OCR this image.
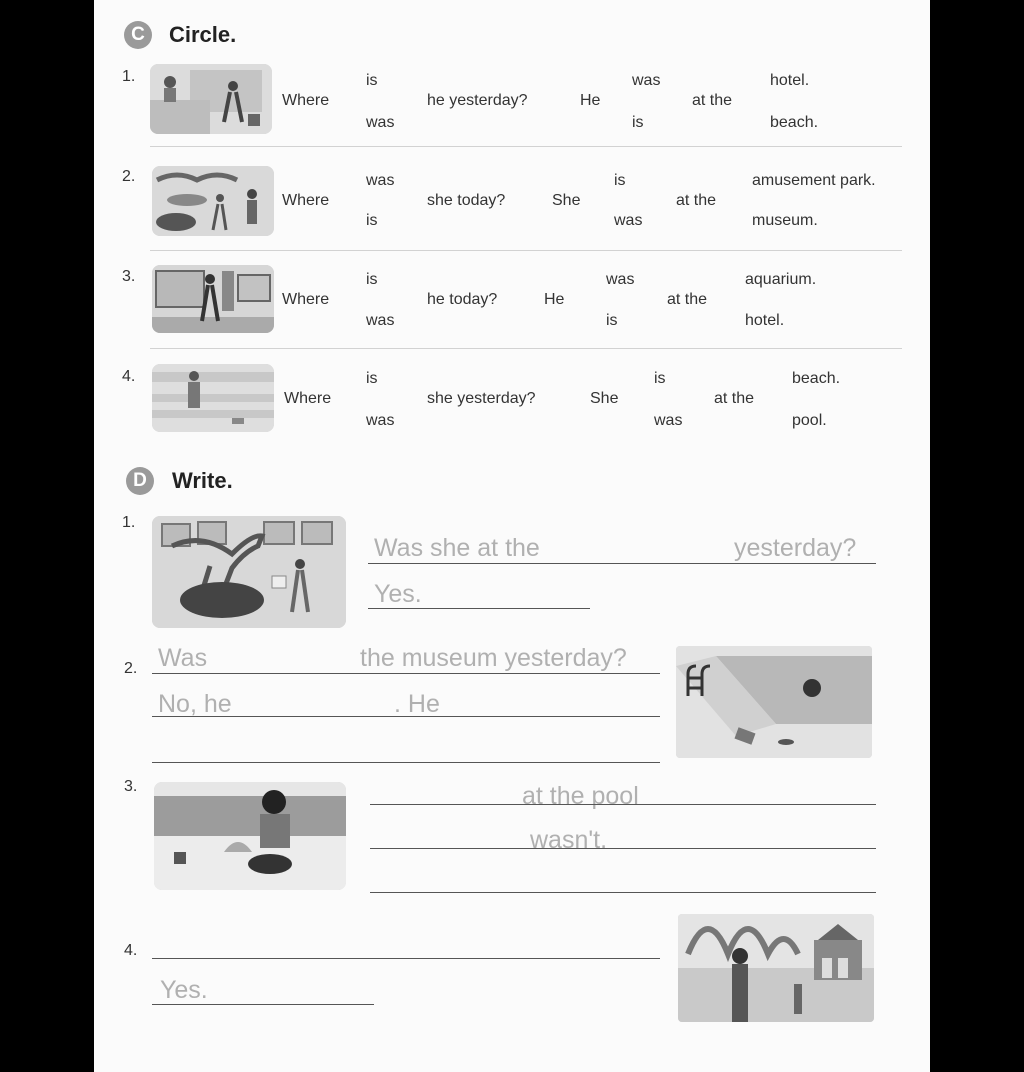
C	Circle.
1.
Where
is
was
he yesterday?	He
was
is
at the
hotel.
beach.
2.
Where
was
is
she today?	She
is
was
at the
amusement park.
museum.
3.
Where
is
was
he today?	He
was
is
at the
aquarium.
hotel.
4.
Where
is
was
she yesterday?	She
is
was
at the
beach.
pool.
D	Write.
1.
Was she at the	yesterday?
Yes.
2. Was	the museum yesterday?
No, he	. He
3.	at the pool
wasn't.
4.
Yes.
